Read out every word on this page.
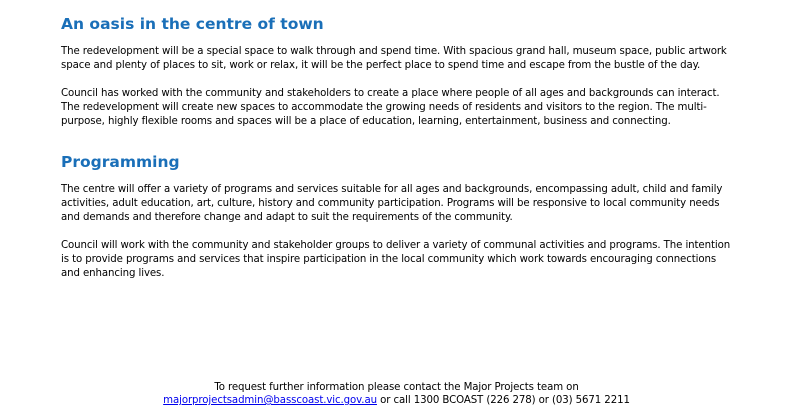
An oasis in the centre of town

The redevelopment will be a special space to walk through and spend time. With spacious grand hall, museum space, public artwork space and plenty of places to sit, work or relax, it will be the perfect place to spend time and escape from the bustle of the day.

Council has worked with the community and stakeholders to create a place where people of all ages and backgrounds can interact. The redevelopment will create new spaces to accommodate the growing needs of residents and visitors to the region. The multi-purpose, highly flexible rooms and spaces will be a place of education, learning, entertainment, business and connecting.

Programming

The centre will offer a variety of programs and services suitable for all ages and backgrounds, encompassing adult, child and family activities, adult education, art, culture, history and community participation. Programs will be responsive to local community needs and demands and therefore change and adapt to suit the requirements of the community.

Council will work with the community and stakeholder groups to deliver a variety of communal activities and programs. The intention is to provide programs and services that inspire participation in the local community which work towards encouraging connections and enhancing lives.

To request further information please contact the Major Projects team on
majorprojectsadmin@basscoast.vic.gov.au or call 1300 BCOAST (226 278) or (03) 5671 2211
